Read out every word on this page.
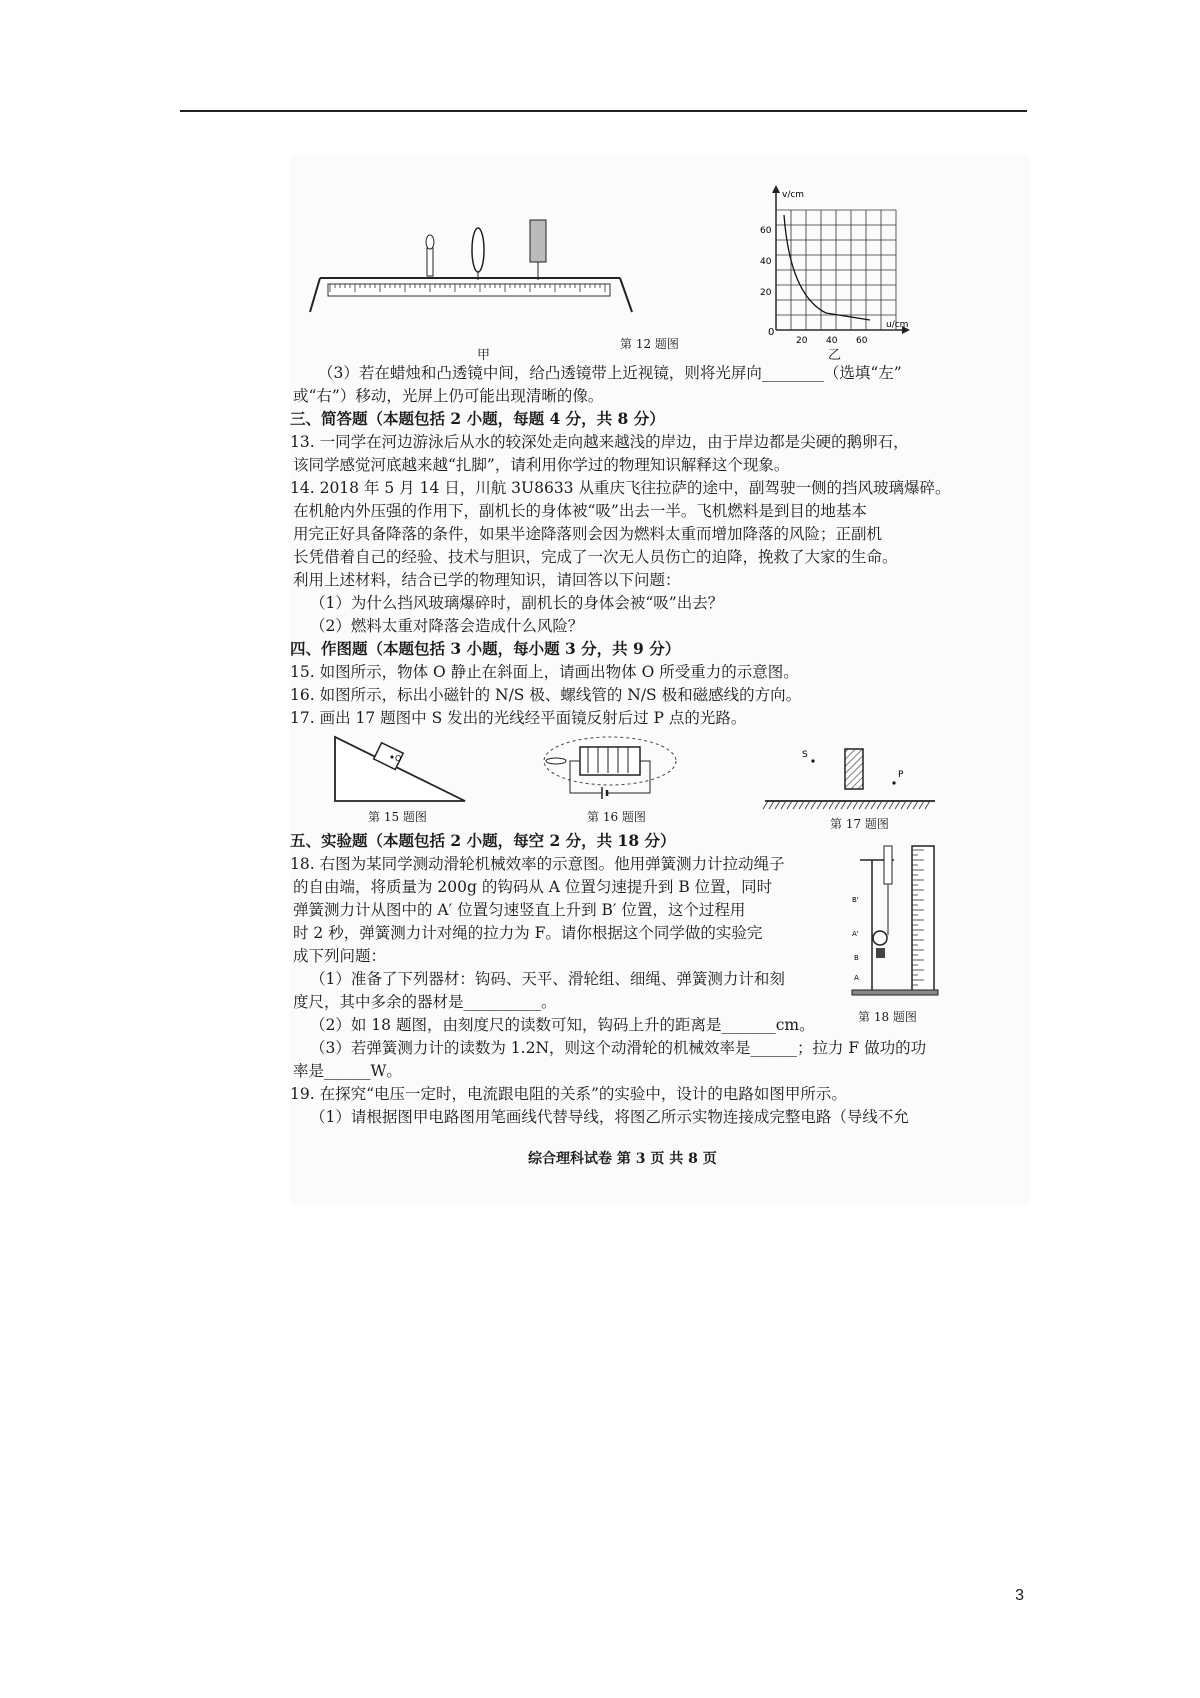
甲
第 12 题图
v/cm
u/cm
60
40
20
20 40 60
0
乙
（3）若在蜡烛和凸透镜中间，给凸透镜带上近视镜，则将光屏向________（选填“左”
或“右”）移动，光屏上仍可能出现清晰的像。
三、简答题（本题包括 2 小题，每题 4 分，共 8 分）
13. 一同学在河边游泳后从水的较深处走向越来越浅的岸边，由于岸边都是尖硬的鹅卵石，
该同学感觉河底越来越“扎脚”，请利用你学过的物理知识解释这个现象。
14. 2018 年 5 月 14 日，川航 3U8633 从重庆飞往拉萨的途中，副驾驶一侧的挡风玻璃爆碎。
在机舱内外压强的作用下，副机长的身体被“吸”出去一半。飞机燃料是到目的地基本
用完正好具备降落的条件，如果半途降落则会因为燃料太重而增加降落的风险；正副机
长凭借着自己的经验、技术与胆识，完成了一次无人员伤亡的迫降，挽救了大家的生命。
利用上述材料，结合已学的物理知识，请回答以下问题：
（1）为什么挡风玻璃爆碎时，副机长的身体会被“吸”出去？
（2）燃料太重对降落会造成什么风险？
四、作图题（本题包括 3 小题，每小题 3 分，共 9 分）
15. 如图所示，物体 O 静止在斜面上，请画出物体 O 所受重力的示意图。
16. 如图所示，标出小磁针的 N/S 极、螺线管的 N/S 极和磁感线的方向。
17. 画出 17 题图中 S 发出的光线经平面镜反射后过 P 点的光路。
O
第 15 题图	第 16 题图
S
P
第 17 题图
五、实验题（本题包括 2 小题，每空 2 分，共 18 分）
18. 右图为某同学测动滑轮机械效率的示意图。他用弹簧测力计拉动绳子
的自由端，将质量为 200g 的钩码从 A 位置匀速提升到 B 位置，同时
弹簧测力计从图中的 A′ 位置匀速竖直上升到 B′ 位置，这个过程用
时 2 秒，弹簧测力计对绳的拉力为 F。请你根据这个同学做的实验完
成下列问题：
（1）准备了下列器材：钩码、天平、滑轮组、细绳、弹簧测力计和刻
度尺，其中多余的器材是__________。
（2）如 18 题图，由刻度尺的读数可知，钩码上升的距离是_______cm。
（3）若弹簧测力计的读数为 1.2N，则这个动滑轮的机械效率是______；拉力 F 做功的功
率是______W。
B'
A'
B
A
第 18 题图
19. 在探究“电压一定时，电流跟电阻的关系”的实验中，设计的电路如图甲所示。
（1）请根据图甲电路图用笔画线代替导线，将图乙所示实物连接成完整电路（导线不允
综合理科试卷 第 3 页 共 8 页
3
